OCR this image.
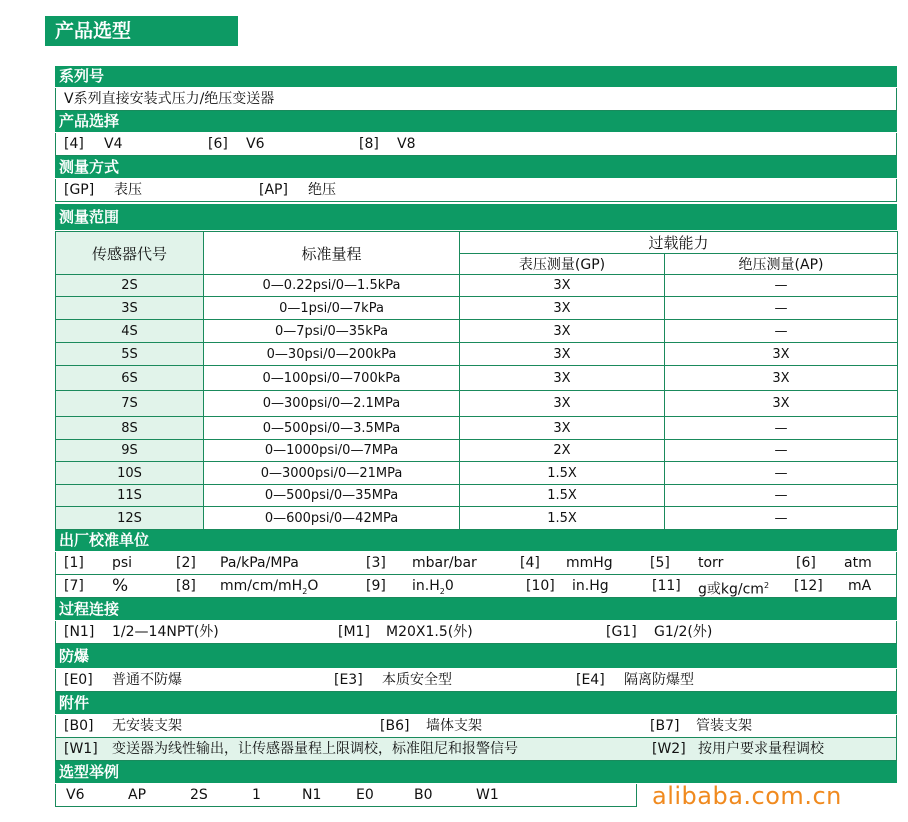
产品选型
系列号
V系列直接安装式压力/绝压变送器
产品选择
[4] V4	[6] V6	[8] V8
测量方式
[GP] 表压	[AP] 绝压
测量范围
传感器代号	标准量程	过载能力	
		表压测量(GP)	绝压测量(AP)
2S	0—0.22psi/0—1.5kPa	3X	—
3S	0—1psi/0—7kPa	3X	—
4S	0—7psi/0—35kPa	3X	—
5S	0—30psi/0—200kPa	3X	3X
6S	0—100psi/0—700kPa	3X	3X
7S	0—300psi/0—2.1MPa	3X	3X
8S	0—500psi/0—3.5MPa	3X	—
9S	0—1000psi/0—7MPa	2X	—
10S	0—3000psi/0—21MPa	1.5X	—
11S	0—500psi/0—35MPa	1.5X	—
12S	0—600psi/0—42MPa	1.5X	—
出厂校准单位
[1] psi	[2] Pa/kPa/MPa	[3] mbar/bar	[4] mmHg	[5] torr	[6] atm
[7] %	[8] $mm/cm/mH_2O$	[9] $in.H_20$	[10] in.Hg	[11] g或$kg/cm^2$ [12] mA
过程连接
[N1] 1/2—14NPT(外)	[M1] M20X1.5(外)	[G1] G1/2(外)
防爆
[E0] 普通不防爆	[E3] 本质安全型	[E4] 隔离防爆型
附件
[B0] 无安装支架	[B6] 墙体支架	[B7] 管装支架
[W1] 变送器为线性输出，让传感器量程上限调校，标准阻尼和报警信号	[W2] 按用户要求量程调校
选型举例
V6	AP	2S	1	N1 E0	B0	W1	alibaba.com.cn
